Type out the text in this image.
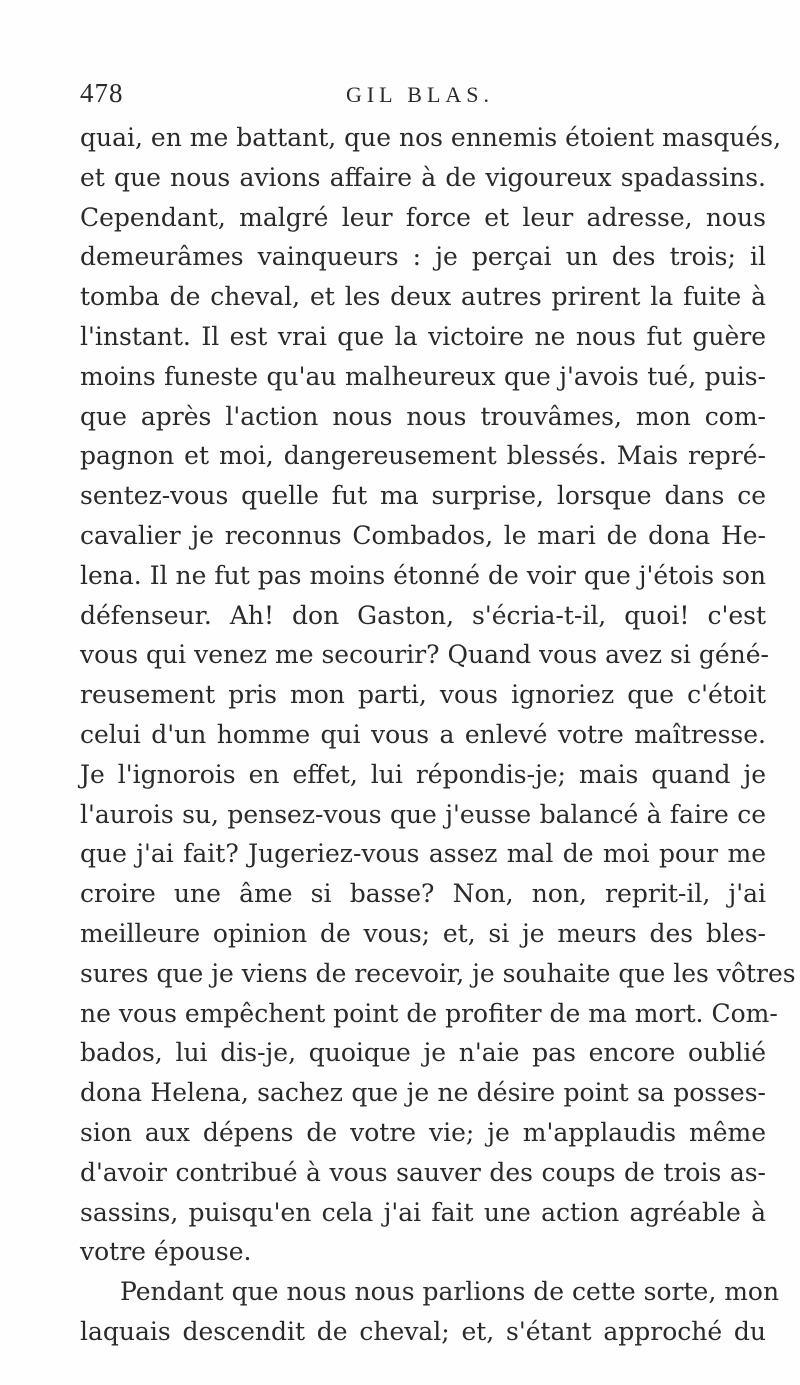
478	GIL BLAS.
quai, en me battant, que nos ennemis étoient masqués,
et que nous avions affaire à de vigoureux spadassins.
Cependant, malgré leur force et leur adresse, nous
demeurâmes vainqueurs : je perçai un des trois; il
tomba de cheval, et les deux autres prirent la fuite à
l'instant. Il est vrai que la victoire ne nous fut guère
moins funeste qu'au malheureux que j'avois tué, puis-
que après l'action nous nous trouvâmes, mon com-
pagnon et moi, dangereusement blessés. Mais repré-
sentez-vous quelle fut ma surprise, lorsque dans ce
cavalier je reconnus Combados, le mari de dona He-
lena. Il ne fut pas moins étonné de voir que j'étois son
défenseur. Ah! don Gaston, s'écria-t-il, quoi! c'est
vous qui venez me secourir? Quand vous avez si géné-
reusement pris mon parti, vous ignoriez que c'étoit
celui d'un homme qui vous a enlevé votre maîtresse.
Je l'ignorois en effet, lui répondis-je; mais quand je
l'aurois su, pensez-vous que j'eusse balancé à faire ce
que j'ai fait? Jugeriez-vous assez mal de moi pour me
croire une âme si basse? Non, non, reprit-il, j'ai
meilleure opinion de vous; et, si je meurs des bles-
sures que je viens de recevoir, je souhaite que les vôtres
ne vous empêchent point de profiter de ma mort. Com-
bados, lui dis-je, quoique je n'aie pas encore oublié
dona Helena, sachez que je ne désire point sa posses-
sion aux dépens de votre vie; je m'applaudis même
d'avoir contribué à vous sauver des coups de trois as-
sassins, puisqu'en cela j'ai fait une action agréable à
votre épouse.
Pendant que nous nous parlions de cette sorte, mon
laquais descendit de cheval; et, s'étant approché du
